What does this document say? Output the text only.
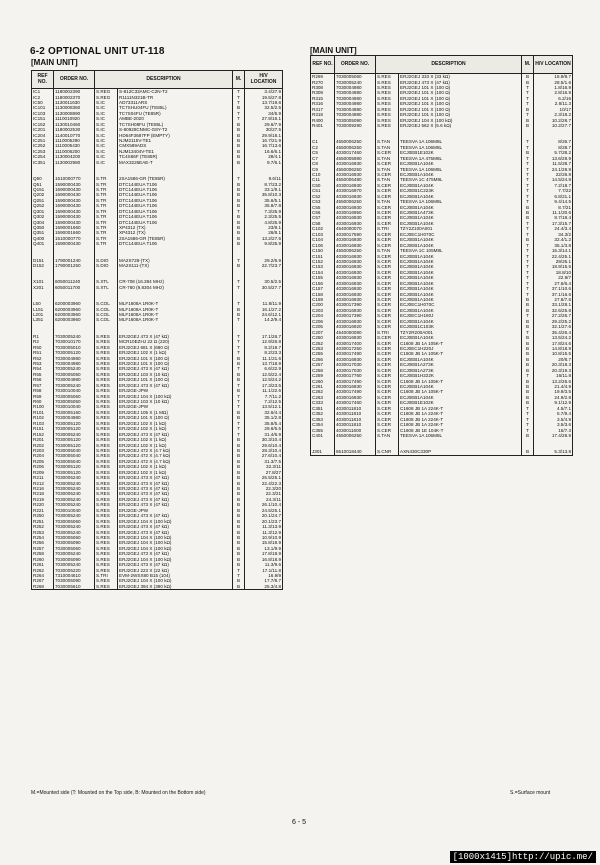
6-2 OPTIONAL UNIT UT-118
[MAIN UNIT]
[MAIN UNIT]
REF NO.	ORDER NO.	DESCRIPTION		M.	H/V LOCATION
IC1	1180002390	S.REG	S-812C33AMC-C2N-T2	T	3.4/27.9
IC2	1180002370	S.REG	R1111N321B-TR	T	19.5/27.8
IC50	1130011630	S.IC	AD73311ARS	T	13.7/19.6
IC101	1130008360	S.IC	TC7SHU04FU (TE85L)	B	32.5/2.5
IC103	1130008890	S.IC	TC7S04FU (TE85R)	T	34/5.9
IC151	1110010920	S.IC	AMBE-2020	T	27.9/16.1
IC152	1130010460	S.IC	TC7SH08FU (TE85L)	B	29.6/7.9
IC201	1180002530	S.IC	S-80928CNMC-G8Y-T2	B	30/27.5
IC204	1140010770	S.IC	HD64F3687FP (EMPTY)	B	29.9/18.1
IC251	1110005290	S.IC	NJM2115V-TE1	B	16.7/21.9
IC252	1110005430	S.IC	CMX589ADS	B	16.7/13.6
IC253	1110006200	S.IC	NJM13404V-TE1	B	16.6/6.1
IC254	1130004200	S.IC	TC4S66F (TE85R)	B	28/4.1
IC351	1130002980	S.IC	MAX3226EAE-T	B	9.7/6.1

Q50	1510000770	S.TR	2SA1586-GR (TE85R)	T	9.6/11
Q51	1590000430	S.TR	DTC144EUA T106	B	8.7/23.2
Q151	1590000430	S.TR	DTC144EUA T106	B	33.1/9.1
Q202	1590000430	S.TR	DTC144EUA T106	B	35.8/10.3
Q251	1590000430	S.TR	DTC144EUA T106	B	35.6/5.1
Q252	1590000430	S.TR	DTC144EUA T106	B	35.8/7.8
Q301	1590000430	S.TR	DTC144EUA T106	T	7.3/25.9
Q302	1590000430	S.TR	DTC144EUA T106	B	2.3/25.5
Q304	1590000430	S.TR	DTC144EUA T106	B	4.8/25.9
Q350	1590001660	S.TR	XP4312 (TX)	B	23/8.1
Q351	1590001660	S.TR	XP4312 (TX)	B	26/8.1
Q400	1510000770	S.TR	2SA1586-GR (TE85R)	B	13.2/27.5
Q401	1590000430	S.TR	DTC144EUA T106	B	9.8/25.9

D151	1790001240	S.DIO	MA2S728-(TX)	T	29.2/6.9
D152	1790001250	S.DIO	MA2S111-(TX)	B	22.7/23.7

X101	6050011240	S.XTL	CR-708 (16.384 MHz)	T	30.5/2.5
X201	6050011700	S.XTL	CR-760 (9.8304 MHz)	T	30.5/27.7

L50	6200003960	S.COL	MLF1608A 1R0K-T	T	11.8/11.9
L151	6200003960	S.COL	MLF1608A 1R0K-T	B	16.1/27.2
L201	6200003960	S.COL	MLF1608A 1R0K-T	B	24.6/12.1
L351	6200003960	S.COL	MLF1608A 1R0K-T	T	14.2/9.4

R1	7030005240	S.RES	ERJ2GEJ 473 X (47 kΩ)	T	17.1/26.7
R2	7030010170	S.RES	MCR10EZHJ 22 Ω (220)	T	12.9/26.8
R50	7030005010	S.RES	ERJ2GEJ 681 X (680 Ω)	T	8.2/19.7
R51	7030005120	S.RES	ERJ2GEJ 102 X (1 kΩ)	T	8.2/23.3
R52	7030004980	S.RES	ERJ2GEJ 101 X (100 Ω)	B	11.1/21.6
R53	7030004980	S.RES	ERJ2GEJ 101 X (100 Ω)	B	13.7/18.9
R54	7030005240	S.RES	ERJ2GEJ 473 X (47 kΩ)	T	6.6/22.9
R55	7030005050	S.RES	ERJ2GEJ 103 X (10 kΩ)	B	12.5/22.4
R56	7030004980	S.RES	ERJ2GEJ 101 X (100 Ω)	B	12.5/24.2
R57	7030005240	S.RES	ERJ2GEJ 473 X (47 kΩ)	T	17.3/23.5
R58	7030010040	S.RES	ERJ2GE-JPW	B	11.1/22.6
R59	7030005060	S.RES	ERJ2GEJ 104 X (100 kΩ)	T	7.7/11.2
R60	7030005050	S.RES	ERJ2GEJ 103 X (10 kΩ)	T	7.2/12.5
R100	7030010040	S.RES	ERJ2GE-JPW	T	13.5/12.1
R101	7030005160	S.RES	ERJ2GEJ 105 X (1 MΩ)	B	32.6/4.4
R102	7030004980	S.RES	ERJ2GEJ 101 X (100 Ω)	B	35.1/2.8
R103	7030005120	S.RES	ERJ2GEJ 102 X (1 kΩ)	T	35.8/5.4
R151	7030005120	S.RES	ERJ2GEJ 102 X (1 kΩ)	T	29.6/5.5
R152	7030005240	S.RES	ERJ2GEJ 473 X (47 kΩ)	T	31.4/6.9
R201	7030005120	S.RES	ERJ2GEJ 102 X (1 kΩ)	B	30.3/10.4
R202	7030005120	S.RES	ERJ2GEJ 102 X (1 kΩ)	B	29.6/10.4
R203	7030005040	S.RES	ERJ2GEJ 472 X (4.7 kΩ)	B	28.3/10.4
R204	7030005040	S.RES	ERJ2GEJ 472 X (4.7 kΩ)	B	27.6/10.4
R205	7030005040	S.RES	ERJ2GEJ 472 X (4.7 kΩ)	B	31.3/7.5
R206	7030005120	S.RES	ERJ2GEJ 102 X (1 kΩ)	B	32.3/11
R209	7030005120	S.RES	ERJ2GEJ 102 X (1 kΩ)	B	27.8/27
R211	7030005240	S.RES	ERJ2GEJ 473 X (47 kΩ)	B	25.5/25.1
R212	7030005240	S.RES	ERJ2GEJ 473 X (47 kΩ)	B	22.4/22.3
R216	7030005240	S.RES	ERJ2GEJ 473 X (47 kΩ)	B	22.3/20
R218	7030005240	S.RES	ERJ2GEJ 473 X (47 kΩ)	B	22.3/21
R219	7030005240	S.RES	ERJ2GEJ 473 X (47 kΩ)	B	24.3/11
R220	7030005240	S.RES	ERJ2GEJ 473 X (47 kΩ)	B	26.1/10.4
R221	7030010040	S.RES	ERJ2GE-JPW	B	24.5/25.1
R250	7030005240	S.RES	ERJ2GEJ 473 X (47 kΩ)	B	20.1/24.7
R251	7030005060	S.RES	ERJ2GEJ 104 X (100 kΩ)	B	20.1/23.7
R252	7030005240	S.RES	ERJ2GEJ 473 X (47 kΩ)	B	11.3/13.9
R253	7030005240	S.RES	ERJ2GEJ 473 X (47 kΩ)	B	11.3/12.9
R254	7030005060	S.RES	ERJ2GEJ 104 X (100 kΩ)	B	10.9/10.9
R256	7030005090	S.RES	ERJ2GEJ 104 X (100 kΩ)	B	15.8/18.9
R257	7030005060	S.RES	ERJ2GEJ 104 X (100 kΩ)	B	13.1/9.9
R258	7030005240	S.RES	ERJ2GEJ 473 X (47 kΩ)	B	17.8/18.9
R260	7030005090	S.RES	ERJ2GEJ 104 X (100 kΩ)	B	16.8/18.9
R261	7030005240	S.RES	ERJ2GEJ 473 X (47 kΩ)	B	11.3/9.6
R262	7030005220	S.RES	ERJ2GEJ 223 X (22 kΩ)	T	17.1/11.8
R264	7310004610	S.TRI	EVM-2WSX80 B15 (104)	T	16.9/9
R267	7030005090	S.RES	ERJ2GEJ 104 X (100 kΩ)	B	17.7/8.7
R268	7030005610	S.RES	ERJ2GEJ 394 X (390 kΩ)	B	25.3/4.8
REF NO.	ORDER NO.	DESCRIPTION		M.	H/V LOCATION
R269	7030005060	S.RES	ERJ2GEJ 333 X (33 kΩ)	B	15.9/8.7
R270	7030005240	S.RES	ERJ2GEJ 473 X (47 kΩ)	B	28.5/1.6
R308	7030004980	S.RES	ERJ2GEJ 101 X (100 Ω)	T	1.8/16.9
R309	7030004980	S.RES	ERJ2GEJ 101 X (100 Ω)	T	2.8/16.9
R315	7030004980	S.RES	ERJ2GEJ 101 X (100 Ω)	T	6.2/16
R316	7030004980	S.RES	ERJ2GEJ 101 X (100 Ω)	T	2.8/11.3
R317	7030004980	S.RES	ERJ2GEJ 101 X (100 Ω)	B	10/17
R318	7030004980	S.RES	ERJ2GEJ 101 X (100 Ω)	T	2.3/18.2
R400	7030005090	S.RES	ERJ2GEJ 104 X (100 kΩ)	B	10.2/28.7
R401	7030009290	S.RES	ERJ2GEJ 562 X (5.6 kΩ)	B	10.2/27.7

C1	4550006250	S.TAN	TEESVA 1A 106M8L	T	8/26.7
C2	4550006250	S.TAN	TEESVA 1A 106M8L	T	8/28.7
C5	4030017460	S.CER	ECJ0EB1E102K	B	5.7/28.2
C7	4550005980	S.TAN	TEESVA 1A 475M8L	T	13.6/28.9
C8	4030016930	S.CER	ECJ0EB1A104K	T	11.5/28.7
C9	4550006250	S.TAN	TEESVA 1A 106M8L	T	24.1/28.9
C10	4030016930	S.CER	ECJ0EB1A104K	T	22/26.8
C11	4550006480	S.TAN	TEESVA 1C 475M8L	T	14.5/24.8
C50	4030016930	S.CER	ECJ0EB1A104K	T	7.2/18.7
C51	4030016970	S.CER	ECJ0EB1C223K	T	7.7/22
C52	4030016930	S.CER	ECJ0EB1A104K	T	6.8/21.1
C53	4550006250	S.TAN	TEESVA 1A 106M8L	T	9.4/14.5
C55	4030016930	S.CER	ECJ0EB1A104K	B	8.7/21
C56	4030016950	S.CER	ECJ0EB1A473K	B	11.1/20.6
C57	4030016930	S.CER	ECJ0EB1A104K	B	8.7/18.4
C58	4030016930	S.CER	ECJ0EB1A104K	T	17.3/15.7
C102	4540000070	S.TRI	TZY2Z100A001	T	24.4/3.4
C103	4030017590	S.CER	ECJ0EC1H070C	T	34.3/2
C104	4030016930	S.CER	ECJ0EB1A104K	B	32.4/1.2
C106	4030016930	S.CER	ECJ0EB1A104K	T	35.1/3.8
C150	4550006250	S.TAN	TEESVA 1C 105M8L	T	15.3/14.1
C151	4030016930	S.CER	ECJ0EB1A104K	T	22.4/25.1
C152	4030016930	S.CER	ECJ0EB1A104K	T	29/25.1
C153	4030016930	S.CER	ECJ0EB1A104K	T	18.9/15.5
C154	4030016930	S.CER	ECJ0EB1A104K	T	18.8/10
C155	4030016930	S.CER	ECJ0EB1A104K	T	22.9/7
C156	4030016930	S.CER	ECJ0EB1A104K	T	27.6/6.4
C157	4030016930	S.CER	ECJ0EB1A104K	T	37.1/10.6
C158	4030016930	S.CER	ECJ0EB1A104K	T	37.1/16.6
C159	4030016930	S.CER	ECJ0EB1A104K	B	27.8/7.6
C200	4030017390	S.CER	ECJ0EC1H070C	B	33.1/28.1
C203	4030016930	S.CER	ECJ0EB1A104K	B	32.5/25.8
C204	4030017390	S.CER	ECJ0EC1H180J	T	27.2/26.7
C206	4030016930	S.CER	ECJ0EB1A104K	B	29.2/25.2
C205	4030016920	S.CER	ECJ0EB1C103K	B	32.1/27.6
C207	4540000080	S.TRI	TZY2R200A001	T	35.4/26.4
C250	4030016930	S.CER	ECJ0EB1A104K	B	13.5/24.2
C252	4030017400	S.CER	C1608 JB 1A 105K-T	B	17.8/24.6
C253	4030017250	S.CER	ECJ0EC1H220J	B	14.8/18.9
C255	4030017490	S.CER	C1608 JB 1A 105K-T	B	10.8/15.5
C256	4030016930	S.CER	ECJ0EB1A104K	B	20/8.7
C257	4030017030	S.CER	ECJ0EB1A273K	B	20.3/18.3
C258	4030017030	S.CER	ECJ0EB1A273K	B	20.3/19.3
C259	4030017760	S.CER	ECJ0EB1H222K	T	16/11.8
C260	4030017490	S.CER	C1608 JB 1A 105K-T	B	13.2/26.6
C261	4030016930	S.CER	ECJ0EB1A104K	B	21.4/4.9
C262	4030017490	S.CER	C1608 JB 1A 105K-T	B	19.9/3.5
C263	4030016930	S.CER	ECJ0EB1A104K	B	24.9/2.8
C333	4030017460	S.CER	ECJ0EB1E102K	B	9.1/12.9
C351	4030011810	S.CER	C1608 JB 1A 224K-T	T	4.5/7.1
C352	4030011810	S.CER	C1608 JB 1A 224K-T	T	5.7/9.4
C353	4030011810	S.CER	C1608 JB 1A 224K-T	T	3.5/4.9
C354	4030011810	S.CER	C1608 JB 1A 224K-T	T	3.5/3.6
C355	4030011600	S.CER	C1608 JB 1E 104K-T	T	15/7.3
C401	4550006250	S.TAN	TEESVA 1A 106M8L	B	17.4/28.9

J301	6510018440	S.CNR	AXN430C330P	B	5.3/13.8
M.=Mounted side (T: Mounted on the Top side, B: Mounted on the Bottom side)	S.=Surface mount
6 - 5
[1000x1415]http://upic.me/
